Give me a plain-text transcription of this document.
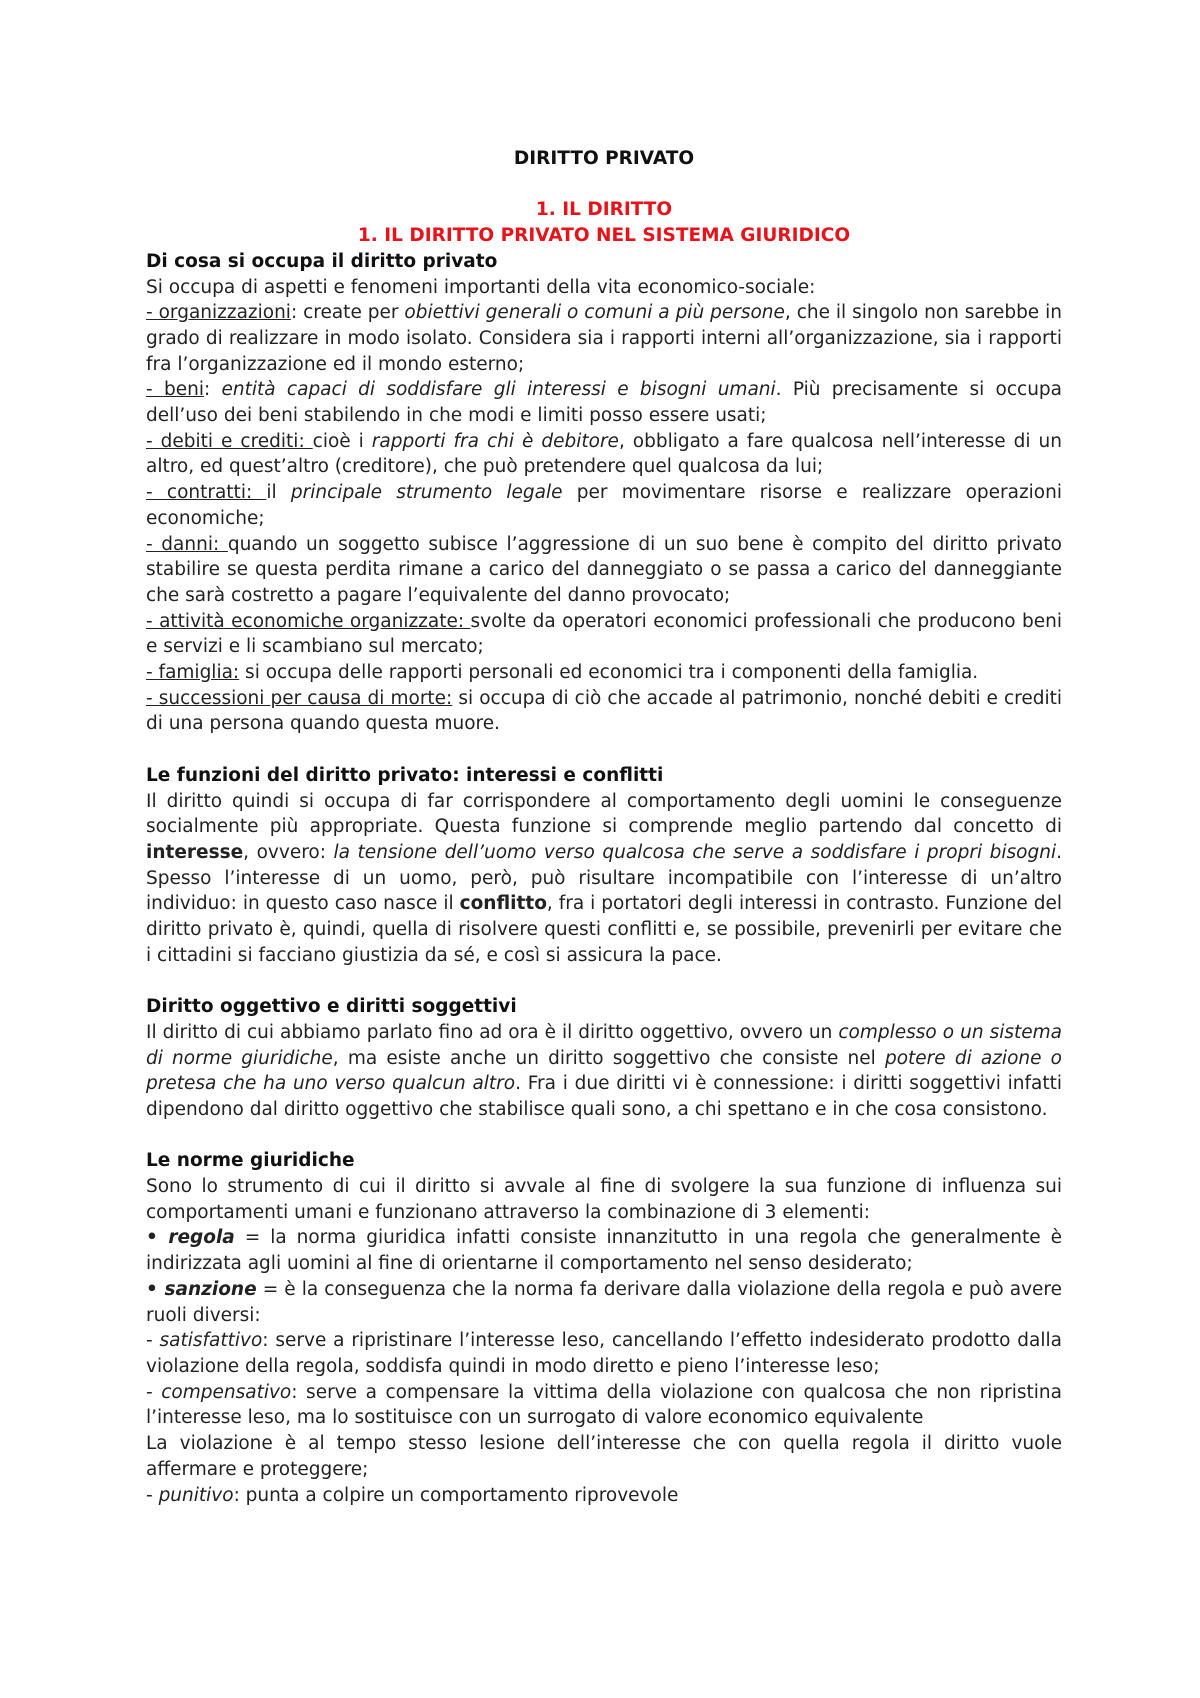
DIRITTO PRIVATO
1. IL DIRITTO
1. IL DIRITTO PRIVATO NEL SISTEMA GIURIDICO
Di cosa si occupa il diritto privato
Si occupa di aspetti e fenomeni importanti della vita economico-sociale:
- organizzazioni: create per obiettivi generali o comuni a più persone, che il singolo non sarebbe in grado di realizzare in modo isolato. Considera sia i rapporti interni all’organizzazione, sia i rapporti fra l’organizzazione ed il mondo esterno;
- beni: entità capaci di soddisfare gli interessi e bisogni umani. Più precisamente si occupa dell’uso dei beni stabilendo in che modi e limiti posso essere usati;
- debiti e crediti: cioè i rapporti fra chi è debitore, obbligato a fare qualcosa nell’interesse di un altro, ed quest’altro (creditore), che può pretendere quel qualcosa da lui;
- contratti: il principale strumento legale per movimentare risorse e realizzare operazioni economiche;
- danni: quando un soggetto subisce l’aggressione di un suo bene è compito del diritto privato stabilire se questa perdita rimane a carico del danneggiato o se passa a carico del danneggiante che sarà costretto a pagare l’equivalente del danno provocato;
- attività economiche organizzate: svolte da operatori economici professionali che producono beni e servizi e li scambiano sul mercato;
- famiglia: si occupa delle rapporti personali ed economici tra i componenti della famiglia.
- successioni per causa di morte: si occupa di ciò che accade al patrimonio, nonché debiti e crediti di una persona quando questa muore.
Le funzioni del diritto privato: interessi e conflitti
Il diritto quindi si occupa di far corrispondere al comportamento degli uomini le conseguenze socialmente più appropriate. Questa funzione si comprende meglio partendo dal concetto di interesse, ovvero: la tensione dell’uomo verso qualcosa che serve a soddisfare i propri bisogni. Spesso l’interesse di un uomo, però, può risultare incompatibile con l’interesse di un’altro individuo: in questo caso nasce il conflitto, fra i portatori degli interessi in contrasto. Funzione del diritto privato è, quindi, quella di risolvere questi conflitti e, se possibile, prevenirli per evitare che i cittadini si facciano giustizia da sé, e così si assicura la pace.
Diritto oggettivo e diritti soggettivi
Il diritto di cui abbiamo parlato fino ad ora è il diritto oggettivo, ovvero un complesso o un sistema di norme giuridiche, ma esiste anche un diritto soggettivo che consiste nel potere di azione o pretesa che ha uno verso qualcun altro. Fra i due diritti vi è connessione: i diritti soggettivi infatti dipendono dal diritto oggettivo che stabilisce quali sono, a chi spettano e in che cosa consistono.
Le norme giuridiche
Sono lo strumento di cui il diritto si avvale al fine di svolgere la sua funzione di influenza sui comportamenti umani e funzionano attraverso la combinazione di 3 elementi:
• regola = la norma giuridica infatti consiste innanzitutto in una regola che generalmente è indirizzata agli uomini al fine di orientarne il comportamento nel senso desiderato;
• sanzione = è la conseguenza che la norma fa derivare dalla violazione della regola e può avere ruoli diversi:
- satisfattivo: serve a ripristinare l’interesse leso, cancellando l’effetto indesiderato prodotto dalla violazione della regola, soddisfa quindi in modo diretto e pieno l’interesse leso;
- compensativo: serve a compensare la vittima della violazione con qualcosa che non ripristina l’interesse leso, ma lo sostituisce con un surrogato di valore economico equivalente
La violazione è al tempo stesso lesione dell’interesse che con quella regola il diritto vuole affermare e proteggere;
- punitivo: punta a colpire un comportamento riprovevole
